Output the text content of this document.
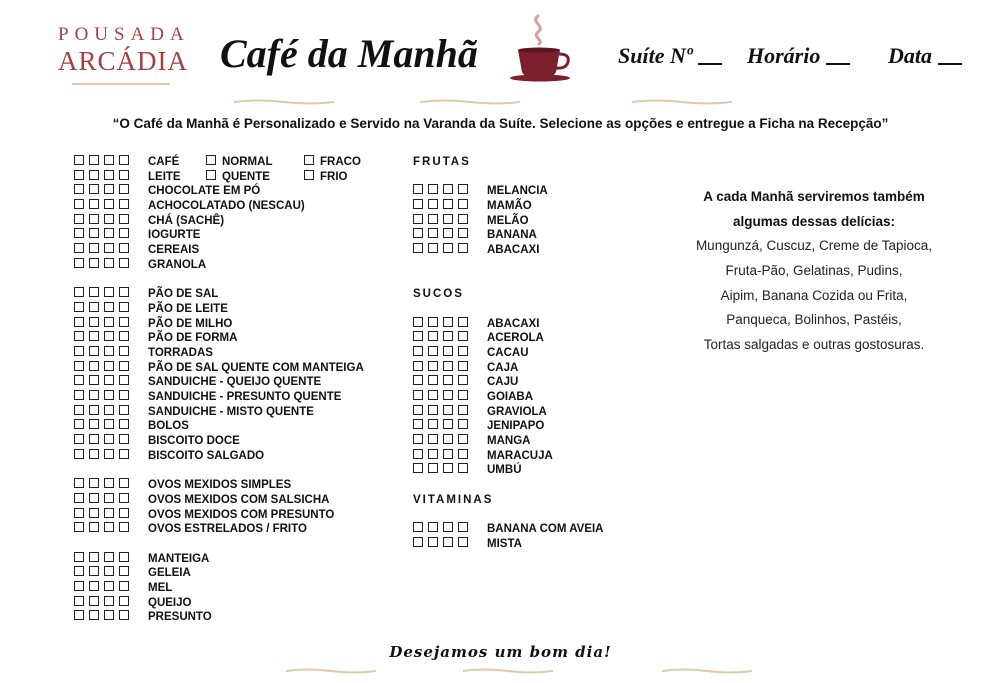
POUSADA
ARCÁDIA Café da Manhã	Suíte Nº	Horário	Data
“O Café da Manhã é Personalizado e Servido na Varanda da Suíte. Selecione as opções e entregue a Ficha na Recepção”
CAFÉ	NORMAL	FRACO
LEITE	QUENTE	FRIO
CHOCOLATE EM PÓ
ACHOCOLATADO (NESCAU)
CHÁ (SACHÊ)
IOGURTE
CEREAIS
GRANOLA
PÃO DE SAL
PÃO DE LEITE
PÃO DE MILHO
PÃO DE FORMA
TORRADAS
PÃO DE SAL QUENTE COM MANTEIGA
SANDUICHE - QUEIJO QUENTE
SANDUICHE - PRESUNTO QUENTE
SANDUICHE - MISTO QUENTE
BOLOS
BISCOITO DOCE
BISCOITO SALGADO
OVOS MEXIDOS SIMPLES
OVOS MEXIDOS COM SALSICHA
OVOS MEXIDOS COM PRESUNTO
OVOS ESTRELADOS / FRITO
MANTEIGA
GELEIA
MEL
QUEIJO
PRESUNTO
FRUTAS
MELANCIA
MAMÃO
MELÃO
BANANA
ABACAXI
SUCOS
ABACAXI
ACEROLA
CACAU
CAJA
CAJU
GOIABA
GRAVIOLA
JENIPAPO
MANGA
MARACUJA
UMBÚ
VITAMINAS
BANANA COM AVEIA
MISTA
A cada Manhã serviremos também
algumas dessas delícias:
Mungunzá, Cuscuz, Creme de Tapioca,
Fruta-Pão, Gelatinas, Pudins,
Aipim, Banana Cozida ou Frita,
Panqueca, Bolinhos, Pastéis,
Tortas salgadas e outras gostosuras.
Desejamos um bom dia!
